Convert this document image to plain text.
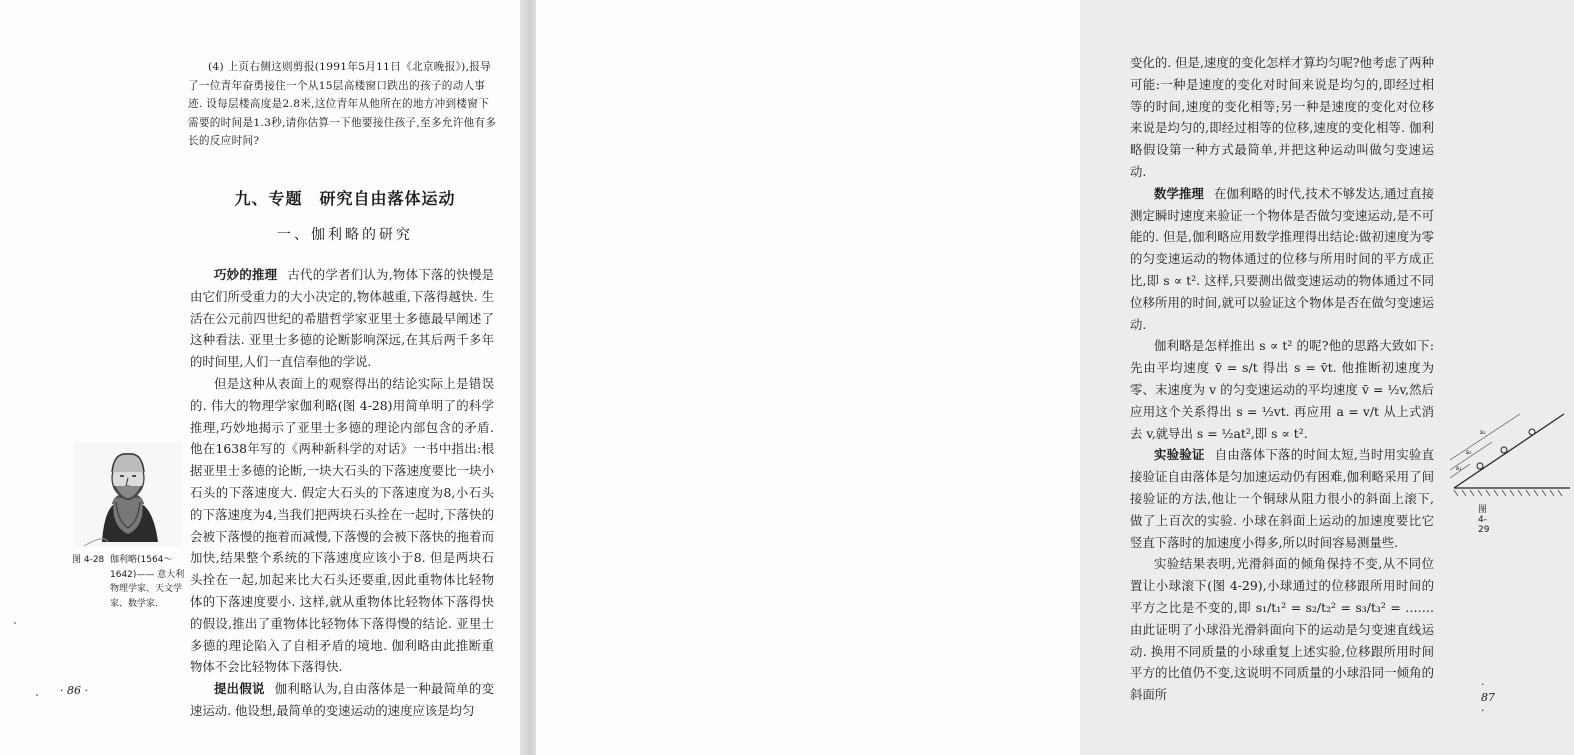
(4) 上页右侧这则剪报(1991年5月11日《北京晚报》),报导了一位青年奋勇接住一个从15层高楼窗口跌出的孩子的动人事迹. 设每层楼高度是2.8米,这位青年从他所在的地方冲到楼窗下需要的时间是1.3秒,请你估算一下他要接住孩子,至多允许他有多长的反应时间?

九、专题　研究自由落体运动
一、伽利略的研究

巧妙的推理 古代的学者们认为,物体下落的快慢是由它们所受重力的大小决定的,物体越重,下落得越快. 生活在公元前四世纪的希腊哲学家亚里士多德最早阐述了这种看法. 亚里士多德的论断影响深远,在其后两千多年的时间里,人们一直信奉他的学说.

但是这种从表面上的观察得出的结论实际上是错误的. 伟大的物理学家伽利略(图 4-28)用简单明了的科学推理,巧妙地揭示了亚里士多德的理论内部包含的矛盾. 他在1638年写的《两种新科学的对话》一书中指出:根据亚里士多德的论断,一块大石头的下落速度要比一块小石头的下落速度大. 假定大石头的下落速度为8,小石头的下落速度为4,当我们把两块石头拴在一起时,下落快的会被下落慢的拖着而减慢,下落慢的会被下落快的拖着而加快,结果整个系统的下落速度应该小于8. 但是两块石头拴在一起,加起来比大石头还要重,因此重物体比轻物体的下落速度要小. 这样,就从重物体比轻物体下落得快的假设,推出了重物体比轻物体下落得慢的结论. 亚里士多德的理论陷入了自相矛盾的境地. 伽利略由此推断重物体不会比轻物体下落得快.

提出假说 伽利略认为,自由落体是一种最简单的变速运动. 他设想,最简单的变速运动的速度应该是均匀

图 4-28 伽利略(1564～1642)—— 意大利物理学家、天文学家、数学家.
· 86 ·

变化的. 但是,速度的变化怎样才算均匀呢?他考虑了两种可能:一种是速度的变化对时间来说是均匀的,即经过相等的时间,速度的变化相等;另一种是速度的变化对位移来说是均匀的,即经过相等的位移,速度的变化相等. 伽利略假设第一种方式最简单,并把这种运动叫做匀变速运动.

数学推理 在伽利略的时代,技术不够发达,通过直接测定瞬时速度来验证一个物体是否做匀变速运动,是不可能的. 但是,伽利略应用数学推理得出结论:做初速度为零的匀变速运动的物体通过的位移与所用时间的平方成正比,即 s ∝ t². 这样,只要测出做变速运动的物体通过不同位移所用的时间,就可以验证这个物体是否在做匀变速运动.

伽利略是怎样推出 s ∝ t² 的呢?他的思路大致如下:先由平均速度 v̄ = s/t 得出 s = v̄t. 他推断初速度为零、末速度为 v 的匀变速运动的平均速度 v̄ = ½v,然后应用这个关系得出 s = ½vt. 再应用 a = v/t 从上式消去 v,就导出 s = ½at²,即 s ∝ t².

实验验证 自由落体下落的时间太短,当时用实验直接验证自由落体是匀加速运动仍有困难,伽利略采用了间接验证的方法,他让一个铜球从阻力很小的斜面上滚下,做了上百次的实验. 小球在斜面上运动的加速度要比它竖直下落时的加速度小得多,所以时间容易测量些.

实验结果表明,光滑斜面的倾角保持不变,从不同位置让小球滚下(图 4-29),小球通过的位移跟所用时间的平方之比是不变的,即 s₁/t₁² = s₂/t₂² = s₃/t₃² = ……. 由此证明了小球沿光滑斜面向下的运动是匀变速直线运动. 换用不同质量的小球重复上述实验,位移跟所用时间平方的比值仍不变,这说明不同质量的小球沿同一倾角的斜面所

s₁
s₂
s₃
图 4-29
· 87 ·
